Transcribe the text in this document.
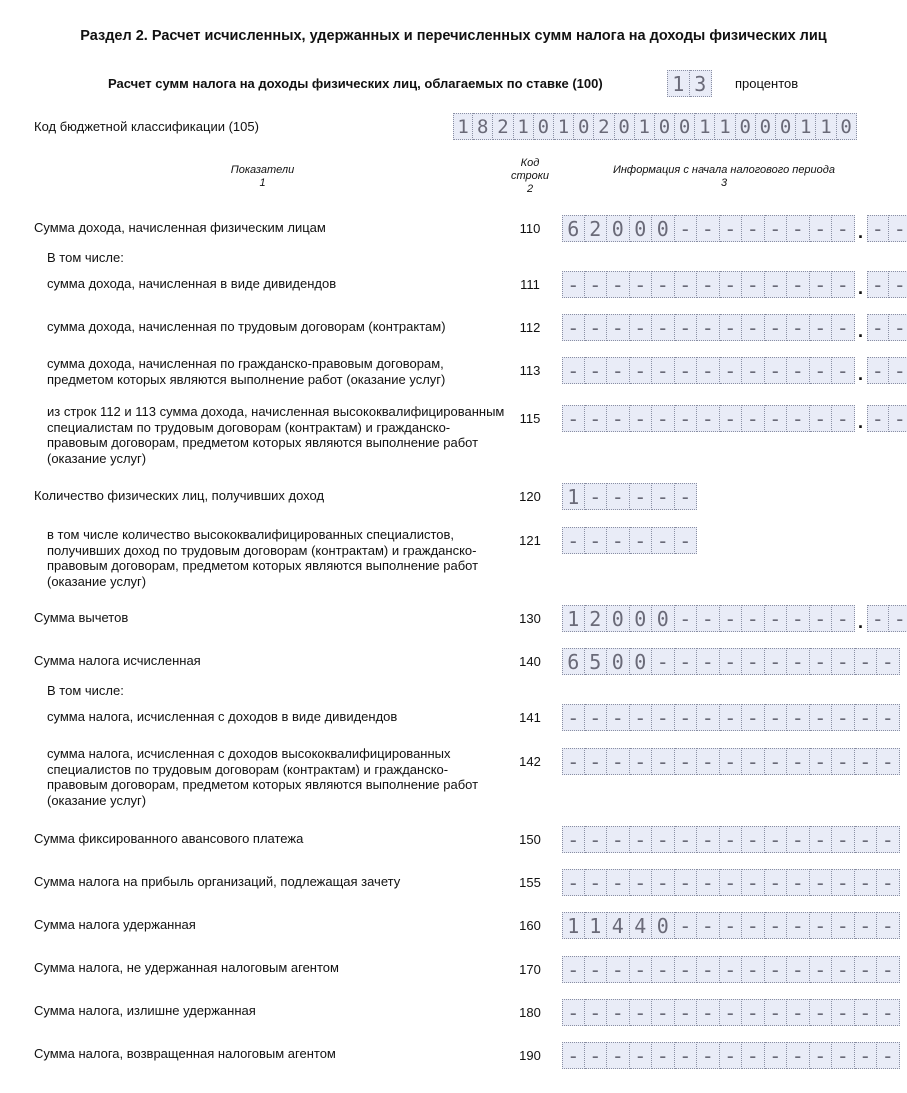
Раздел 2. Расчет исчисленных, удержанных и перечисленных сумм налога на доходы физических лиц
Расчет сумм налога на доходы физических лиц, облагаемых по ставке (100)	1 3	процентов
Код бюджетной классификации (105)	1 8 2 1 0 1 0 2 0 1 0 0 1 1 0 0 0 1 1 0
Показатели
1
Код
строки
2
Информация с начала налогового периода
3
Сумма дохода, начисленная физическим лицам	110	6 2 0 0 0 - - - - - - - - . - -
В том числе:
сумма дохода, начисленная в виде дивидендов	111	- - - - - - - - - - - - - . - -
сумма дохода, начисленная по трудовым договорам (контрактам)	112	- - - - - - - - - - - - - . - -
сумма дохода, начисленная по гражданско-правовым договорам, предметом которых являются выполнение работ (оказание услуг)
113	- - - - - - - - - - - - - . - -
из строк 112 и 113 сумма дохода, начисленная высококвалифицированным специалистам по трудовым договорам (контрактам) и гражданско-правовым договорам, предметом которых являются выполнение работ (оказание услуг)
115	- - - - - - - - - - - - - . - -
Количество физических лиц, получивших доход	120	1 - - - - -
в том числе количество высококвалифицированных специалистов, получивших доход по трудовым договорам (контрактам) и гражданско-правовым договорам, предметом которых являются выполнение работ (оказание услуг)
121	- - - - - -
Сумма вычетов	130	1 2 0 0 0 - - - - - - - - . - -
Сумма налога исчисленная	140	6 5 0 0 - - - - - - - - - - -
В том числе:
сумма налога, исчисленная с доходов в виде дивидендов	141	- - - - - - - - - - - - - - -
сумма налога, исчисленная с доходов высококвалифицированных специалистов по трудовым договорам (контрактам) и гражданско-правовым договорам, предметом которых являются выполнение работ (оказание услуг)
142	- - - - - - - - - - - - - - -
Сумма фиксированного авансового платежа	150	- - - - - - - - - - - - - - -
Сумма налога на прибыль организаций, подлежащая зачету	155	- - - - - - - - - - - - - - -
Сумма налога удержанная	160	1 1 4 4 0 - - - - - - - - - -
Сумма налога, не удержанная налоговым агентом	170	- - - - - - - - - - - - - - -
Сумма налога, излишне удержанная	180	- - - - - - - - - - - - - - -
Сумма налога, возвращенная налоговым агентом	190	- - - - - - - - - - - - - - -
